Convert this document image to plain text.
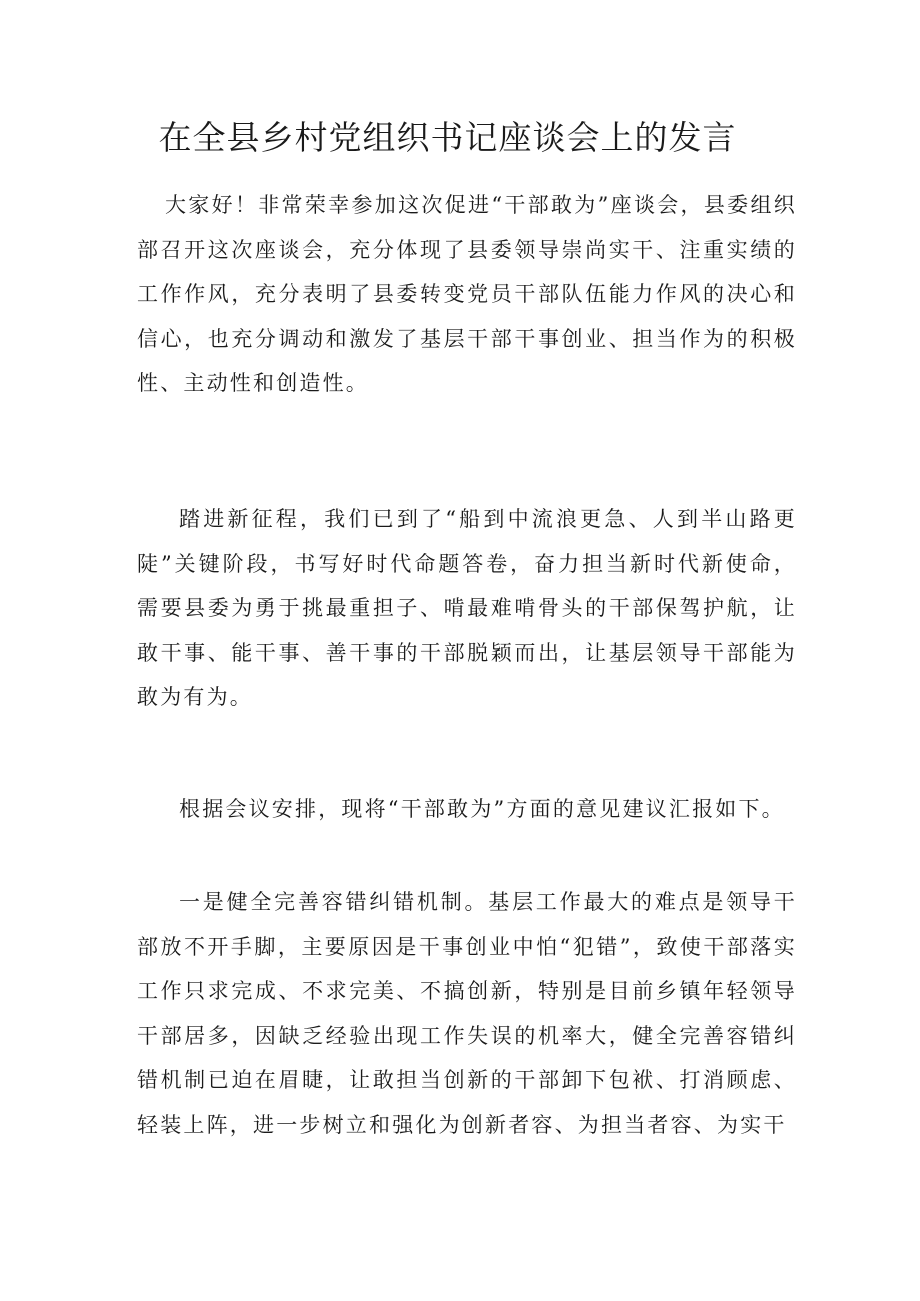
在全县乡村党组织书记座谈会上的发言

大家好！非常荣幸参加这次促进“干部敢为”座谈会，县委组织部召开这次座谈会，充分体现了县委领导崇尚实干、注重实绩的工作作风，充分表明了县委转变党员干部队伍能力作风的决心和信心，也充分调动和激发了基层干部干事创业、担当作为的积极性、主动性和创造性。

踏进新征程，我们已到了“船到中流浪更急、人到半山路更陡”关键阶段，书写好时代命题答卷，奋力担当新时代新使命，需要县委为勇于挑最重担子、啃最难啃骨头的干部保驾护航，让敢干事、能干事、善干事的干部脱颖而出，让基层领导干部能为敢为有为。

根据会议安排，现将“干部敢为”方面的意见建议汇报如下。

一是健全完善容错纠错机制。基层工作最大的难点是领导干部放不开手脚，主要原因是干事创业中怕“犯错”，致使干部落实工作只求完成、不求完美、不搞创新，特别是目前乡镇年轻领导干部居多，因缺乏经验出现工作失误的机率大，健全完善容错纠错机制已迫在眉睫，让敢担当创新的干部卸下包袱、打消顾虑、轻装上阵，进一步树立和强化为创新者容、为担当者容、为实干
